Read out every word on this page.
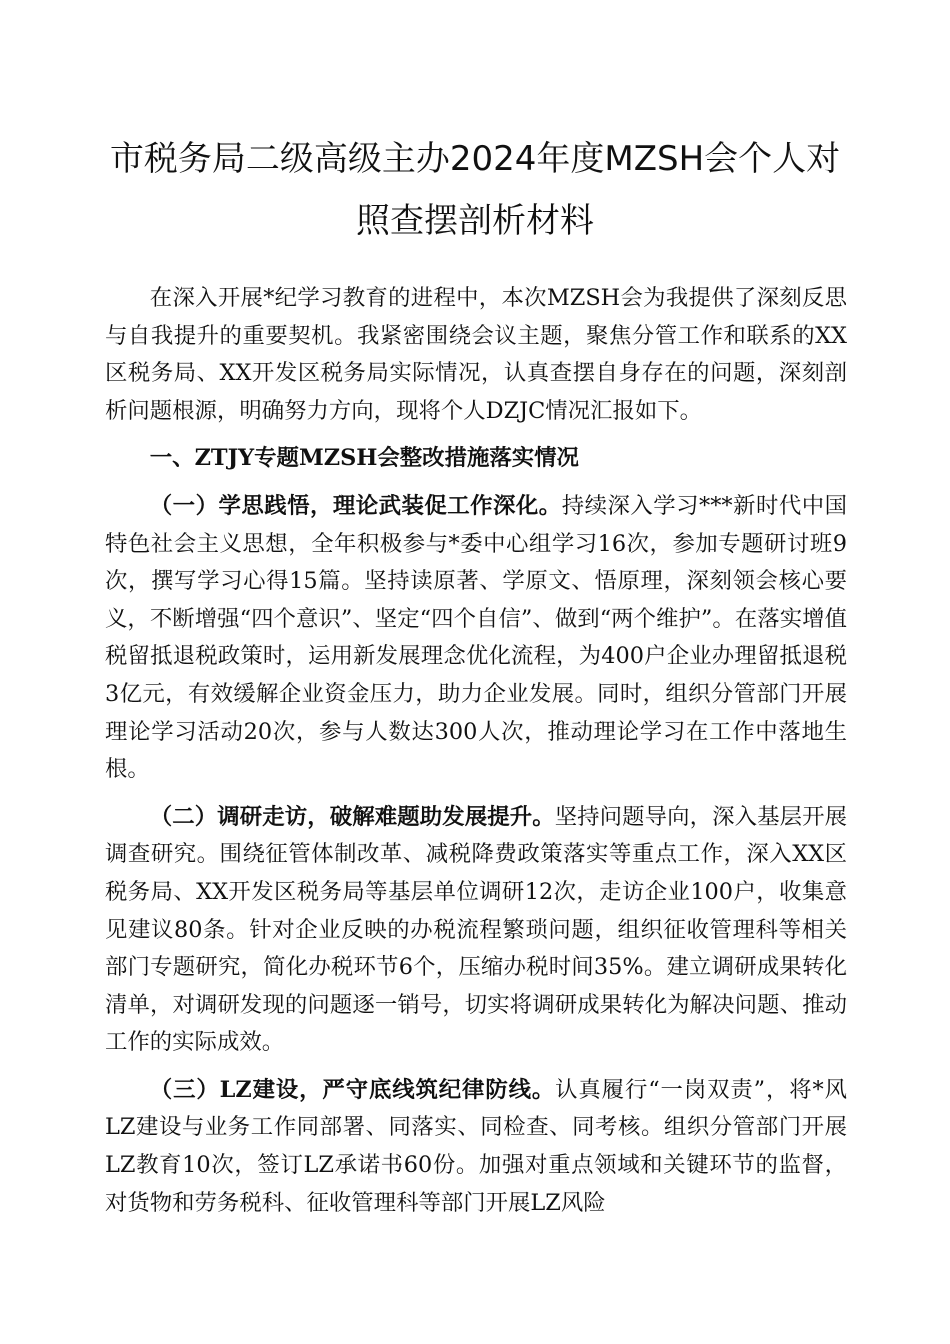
市税务局二级高级主办2024年度MZSH会个人对
照查摆剖析材料

在深入开展*纪学习教育的进程中，本次MZSH会为我提供了深刻反思与自我提升的重要契机。我紧密围绕会议主题，聚焦分管工作和联系的XX区税务局、XX开发区税务局实际情况，认真查摆自身存在的问题，深刻剖析问题根源，明确努力方向，现将个人DZJC情况汇报如下。

一、ZTJY专题MZSH会整改措施落实情况

（一）学思践悟，理论武装促工作深化。持续深入学习***新时代中国特色社会主义思想，全年积极参与*委中心组学习16次，参加专题研讨班9次，撰写学习心得15篇。坚持读原著、学原文、悟原理，深刻领会核心要义，不断增强“四个意识”、坚定“四个自信”、做到“两个维护”。在落实增值税留抵退税政策时，运用新发展理念优化流程，为400户企业办理留抵退税3亿元，有效缓解企业资金压力，助力企业发展。同时，组织分管部门开展理论学习活动20次，参与人数达300人次，推动理论学习在工作中落地生根。

（二）调研走访，破解难题助发展提升。坚持问题导向，深入基层开展调查研究。围绕征管体制改革、减税降费政策落实等重点工作，深入XX区税务局、XX开发区税务局等基层单位调研12次，走访企业100户，收集意见建议80条。针对企业反映的办税流程繁琐问题，组织征收管理科等相关部门专题研究，简化办税环节6个，压缩办税时间35%。建立调研成果转化清单，对调研发现的问题逐一销号，切实将调研成果转化为解决问题、推动工作的实际成效。

（三）LZ建设，严守底线筑纪律防线。认真履行“一岗双责”，将*风LZ建设与业务工作同部署、同落实、同检查、同考核。组织分管部门开展LZ教育10次，签订LZ承诺书60份。加强对重点领域和关键环节的监督，对货物和劳务税科、征收管理科等部门开展LZ风险
